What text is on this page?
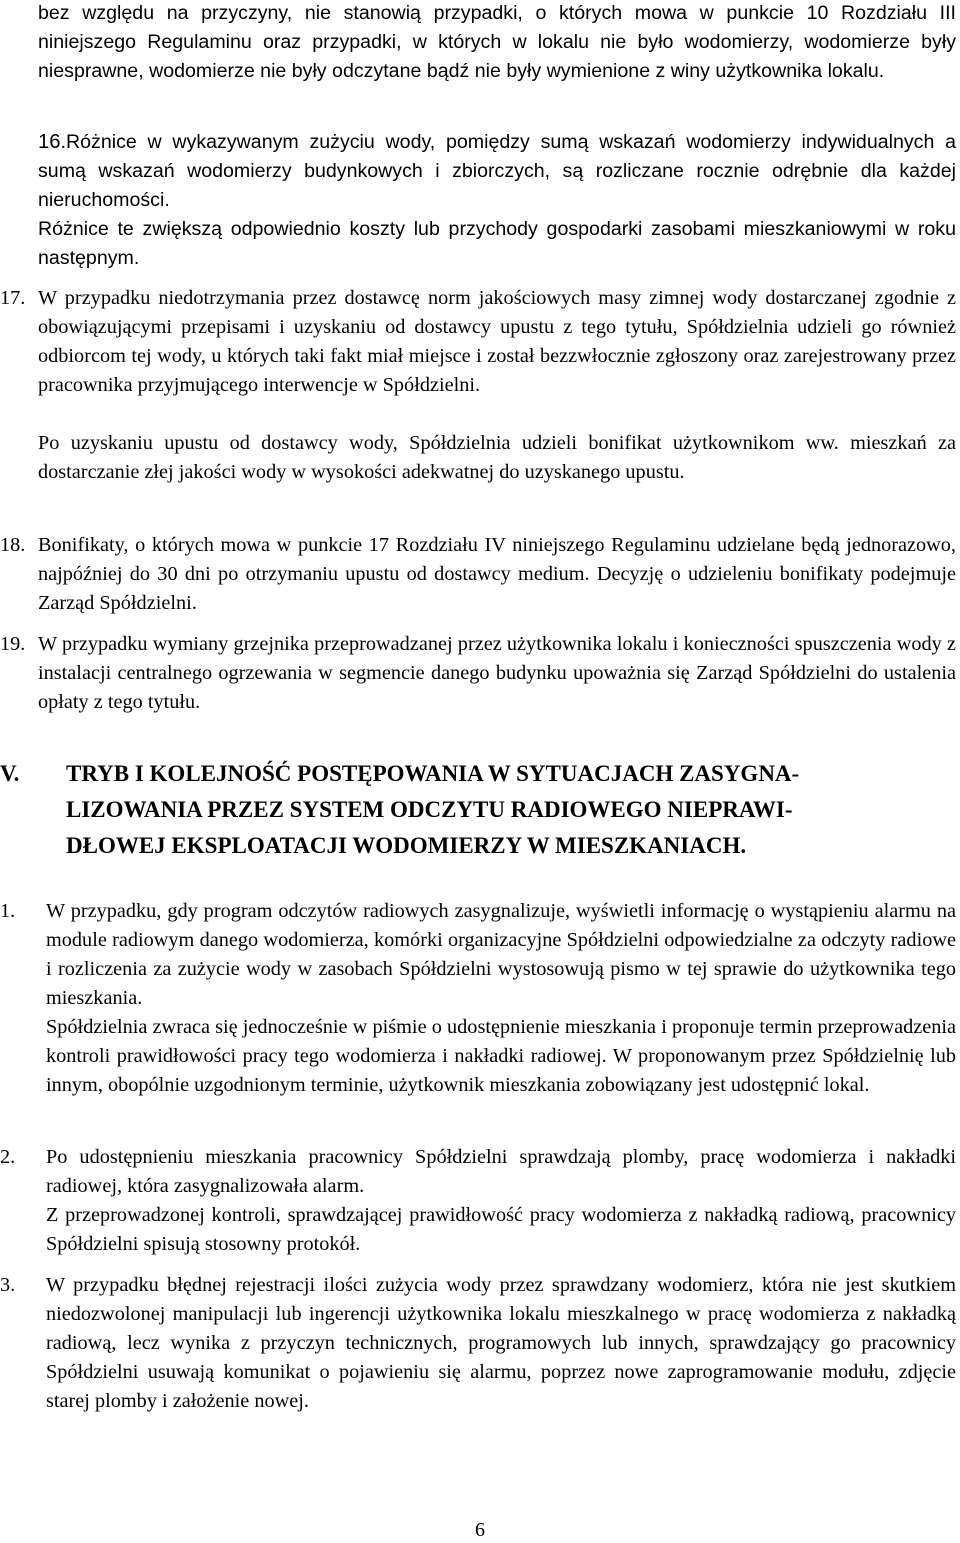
bez względu na przyczyny, nie stanowią przypadki, o których mowa w punkcie 10 Rozdziału III niniejszego Regulaminu oraz przypadki, w których w lokalu nie było wodomierzy, wodomierze były niesprawne, wodomierze nie były odczytane bądź nie były wymienione z winy użytkownika lokalu.

16. Różnice w wykazywanym zużyciu wody, pomiędzy sumą wskazań wodomierzy indywidualnych a sumą wskazań wodomierzy budynkowych i zbiorczych, są rozliczane rocznie odrębnie dla każdej nieruchomości.

Różnice te zwiększą odpowiednio koszty lub przychody gospodarki zasobami mieszkaniowymi w roku następnym.

17. W przypadku niedotrzymania przez dostawcę norm jakościowych masy zimnej wody dostarczanej zgodnie z obowiązującymi przepisami i uzyskaniu od dostawcy upustu z tego tytułu, Spółdzielnia udzieli go również odbiorcom tej wody, u których taki fakt miał miejsce i został bezzwłocznie zgłoszony oraz zarejestrowany przez pracownika przyjmującego interwencje w Spółdzielni.

Po uzyskaniu upustu od dostawcy wody, Spółdzielnia udzieli bonifikat użytkownikom ww. mieszkań za dostarczanie złej jakości wody w wysokości adekwatnej do uzyskanego upustu.

18. Bonifikaty, o których mowa w punkcie 17 Rozdziału IV niniejszego Regulaminu udzielane będą jednorazowo, najpóźniej do 30 dni po otrzymaniu upustu od dostawcy medium. Decyzję o udzieleniu bonifikaty podejmuje Zarząd Spółdzielni.

19. W przypadku wymiany grzejnika przeprowadzanej przez użytkownika lokalu i konieczności spuszczenia wody z instalacji centralnego ogrzewania w segmencie danego budynku upoważnia się Zarząd Spółdzielni do ustalenia opłaty z tego tytułu.

V. TRYB I KOLEJNOŚĆ POSTĘPOWANIA W SYTUACJACH ZASYGNA-
LIZOWANIA PRZEZ SYSTEM ODCZYTU RADIOWEGO NIEPRAWI-
DŁOWEJ EKSPLOATACJI WODOMIERZY W MIESZKANIACH.
1. W przypadku, gdy program odczytów radiowych zasygnalizuje, wyświetli informację o wystąpieniu alarmu na module radiowym danego wodomierza, komórki organizacyjne Spółdzielni odpowiedzialne za odczyty radiowe i rozliczenia za zużycie wody w zasobach Spółdzielni wystosowują pismo w tej sprawie do użytkownika tego mieszkania.

Spółdzielnia zwraca się jednocześnie w piśmie o udostępnienie mieszkania i proponuje termin przeprowadzenia kontroli prawidłowości pracy tego wodomierza i nakładki radiowej. W proponowanym przez Spółdzielnię lub innym, obopólnie uzgodnionym terminie, użytkownik mieszkania zobowiązany jest udostępnić lokal.

2. Po udostępnieniu mieszkania pracownicy Spółdzielni sprawdzają plomby, pracę wodomierza i nakładki radiowej, która zasygnalizowała alarm.

Z przeprowadzonej kontroli, sprawdzającej prawidłowość pracy wodomierza z nakładką radiową, pracownicy Spółdzielni spisują stosowny protokół.

3. W przypadku błędnej rejestracji ilości zużycia wody przez sprawdzany wodomierz, która nie jest skutkiem niedozwolonej manipulacji lub ingerencji użytkownika lokalu mieszkalnego w pracę wodomierza z nakładką radiową, lecz wynika z przyczyn technicznych, programowych lub innych, sprawdzający go pracownicy Spółdzielni usuwają komunikat o pojawieniu się alarmu, poprzez nowe zaprogramowanie modułu, zdjęcie starej plomby i założenie nowej.

6
